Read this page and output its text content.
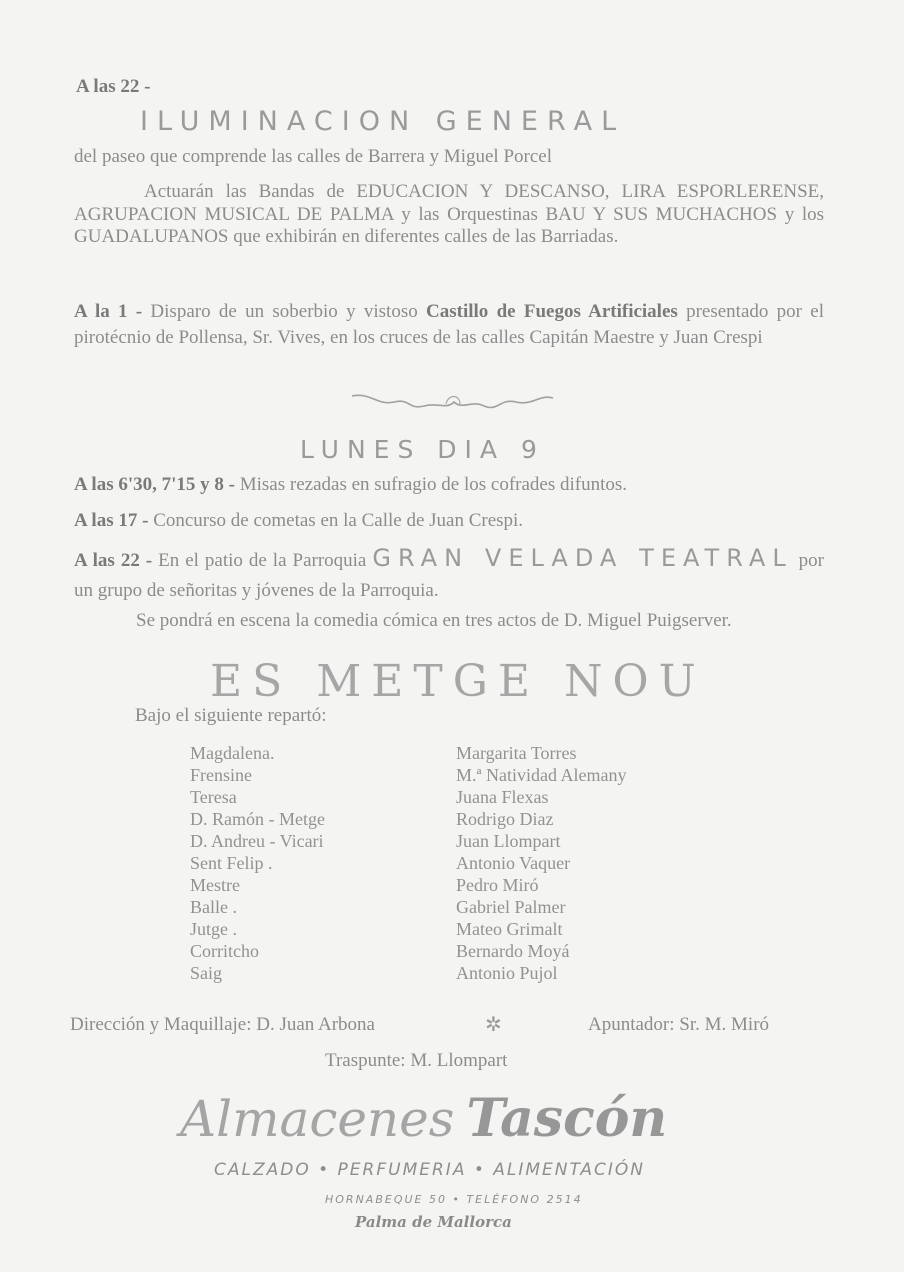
A las 22 -
ILUMINACION GENERAL
del paseo que comprende las calles de Barrera y Miguel Porcel
Actuarán las Bandas de EDUCACION Y DESCANSO, LIRA ESPORLERENSE, AGRUPACION MUSICAL DE PALMA y las Orquestinas BAU Y SUS MUCHACHOS y los GUADALUPANOS que exhibirán en diferentes calles de las Barriadas.
A la 1 - Disparo de un soberbio y vistoso Castillo de Fuegos Artificiales presentado por el pirotécnio de Pollensa, Sr. Vives, en los cruces de las calles Capitán Maestre y Juan Crespi
LUNES DIA 9
A las 6'30, 7'15 y 8 - Misas rezadas en sufragio de los cofrades difuntos.
A las 17 - Concurso de cometas en la Calle de Juan Crespi.
A las 22 - En el patio de la Parroquia GRAN VELADA TEATRAL por un grupo de señoritas y jóvenes de la Parroquia.
Se pondrá en escena la comedia cómica en tres actos de D. Miguel Puigserver.
ES METGE NOU
Bajo el siguiente repartó:
Magdalena.		Margarita Torres
Frensine		M.ª Natividad Alemany
Teresa		Juana Flexas
D. Ramón - Metge		Rodrigo Diaz
D. Andreu - Vicari		Juan Llompart
Sent Felip .		Antonio Vaquer
Mestre		Pedro Miró
Balle .		Gabriel Palmer
Jutge .		Mateo Grimalt
Corritcho		Bernardo Moyá
Saig		Antonio Pujol
Dirección y Maquillaje: D. Juan Arbona	✲	Apuntador: Sr. M. Miró
Traspunte: M. Llompart
Almacenes Tascón
CALZADO • PERFUMERIA • ALIMENTACIÓN
HORNABEQUE 50 • TELÉFONO 2514
Palma de Mallorca
